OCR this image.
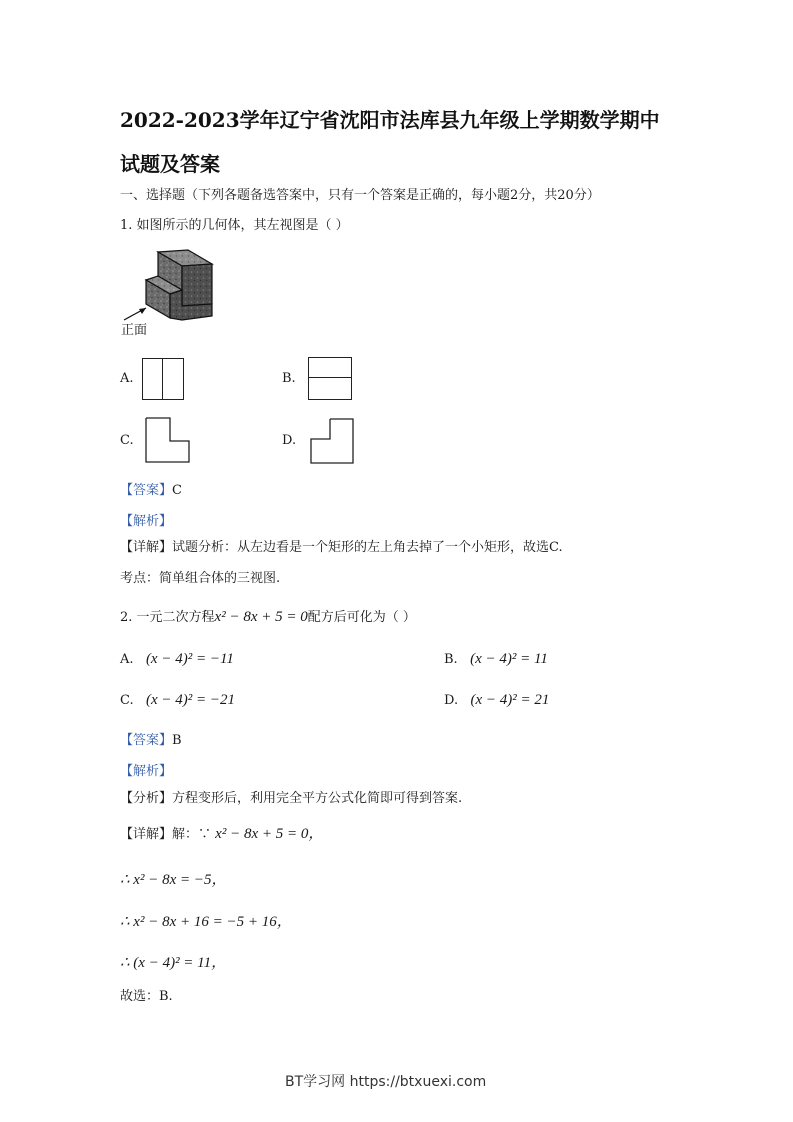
2022-2023学年辽宁省沈阳市法库县九年级上学期数学期中
试题及答案
一、选择题（下列各题备选答案中，只有一个答案是正确的，每小题2分，共20分）
1. 如图所示的几何体，其左视图是（ ）
正面
A.	B.
C.	D.
【答案】C
【解析】
【详解】试题分析：从左边看是一个矩形的左上角去掉了一个小矩形，故选C.
考点：简单组合体的三视图.
2. 一元二次方程x² − 8x + 5 = 0配方后可化为（ ）
A. (x − 4)² = −11	B. (x − 4)² = 11
C. (x − 4)² = −21	D. (x − 4)² = 21
【答案】B
【解析】
【分析】方程变形后，利用完全平方公式化简即可得到答案.
【详解】解：∵ x² − 8x + 5 = 0，
∴ x² − 8x = −5，
∴ x² − 8x + 16 = −5 + 16，
∴ (x − 4)² = 11，
故选：B.
BT学习网 https://btxuexi.com
